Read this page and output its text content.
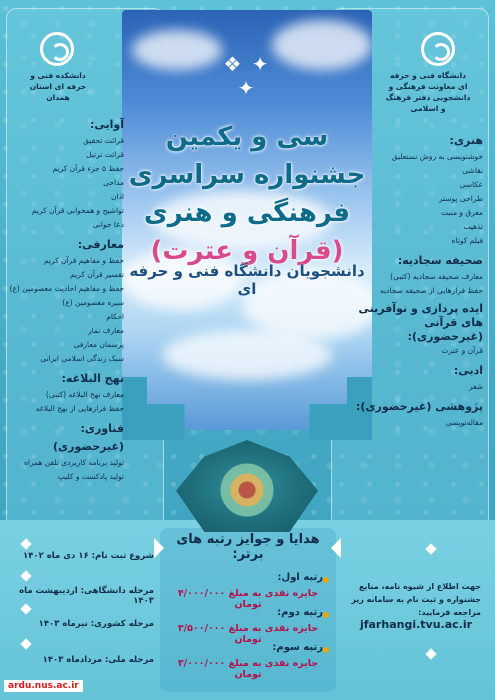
✦ ❖ ✦
سی و یکمین جشنواره سراسری
فرهنگی و هنری (قرآن و عترت)
دانشجویان دانشگاه فنی و حرفه ای
دانشکده فنی و حرفه ای استان همدان
دانشگاه فنی و حرفه ای معاونت فرهنگی و دانشجویی دفتر فرهنگ و اسلامی
آوایی:
قرائت تحقیق
قرائت ترتیل
حفظ ۵ جزء قرآن کریم
مداحی
اذان
تواشیح و همخوانی قرآن کریم
دعا خوانی
معارفی:
حفظ و مفاهیم قرآن کریم
تفسیر قرآن کریم
حفظ و مفاهیم احادیث معصومین (ع)
سیره معصومین (ع)
احکام
معارف نماز
پرسمان معارفی
سبک زندگی اسلامی ایرانی
نهج البلاغه:
معارف نهج البلاغه (کتبی)
حفظ فرازهایی از نهج البلاغه
فناوری: (غیرحضوری)
تولید برنامه کاربردی تلفن همراه
تولید پادکست و کلیپ
هنری:
خوشنویسی به روش نستعلیق
نقاشی
عکاسی
طراحی پوستر
معرق و منبت
تذهیب
فیلم کوتاه
صحیفه سجادیه:
معارف صحیفه سجادیه (کتبی)
حفظ فرازهایی از صحیفه سجادیه
ایده پردازی و نوآفرینی های قرآنی (غیرحضوری):
قرآن و عترت
ادبی:
شعر
پژوهشی (غیرحضوری):
مقاله‌نویسی
هدایا و جوایز رتبه های برتر:
رتبه اول:
جایزه نقدی به مبلغ ۴/۰۰۰/۰۰۰ تومان
رتبه دوم:
جایزه نقدی به مبلغ ۳/۵۰۰/۰۰۰ تومان
رتبه سوم:
جایزه نقدی به مبلغ ۳/۰۰۰/۰۰۰ تومان
شروع ثبت نام: ۱۶ دی ماه ۱۴۰۲
مرحله دانشگاهی: اردیبهشت ماه ۱۴۰۳
مرحله کشوری: تیرماه ۱۴۰۳
مرحله ملی: مردادماه ۱۴۰۳
جهت اطلاع از شیوه نامه، منابع جشنواره و ثبت نام به سامانه زیر مراجعه فرمایید:
jfarhangi.tvu.ac.ir
ardu.nus.ac.ir
